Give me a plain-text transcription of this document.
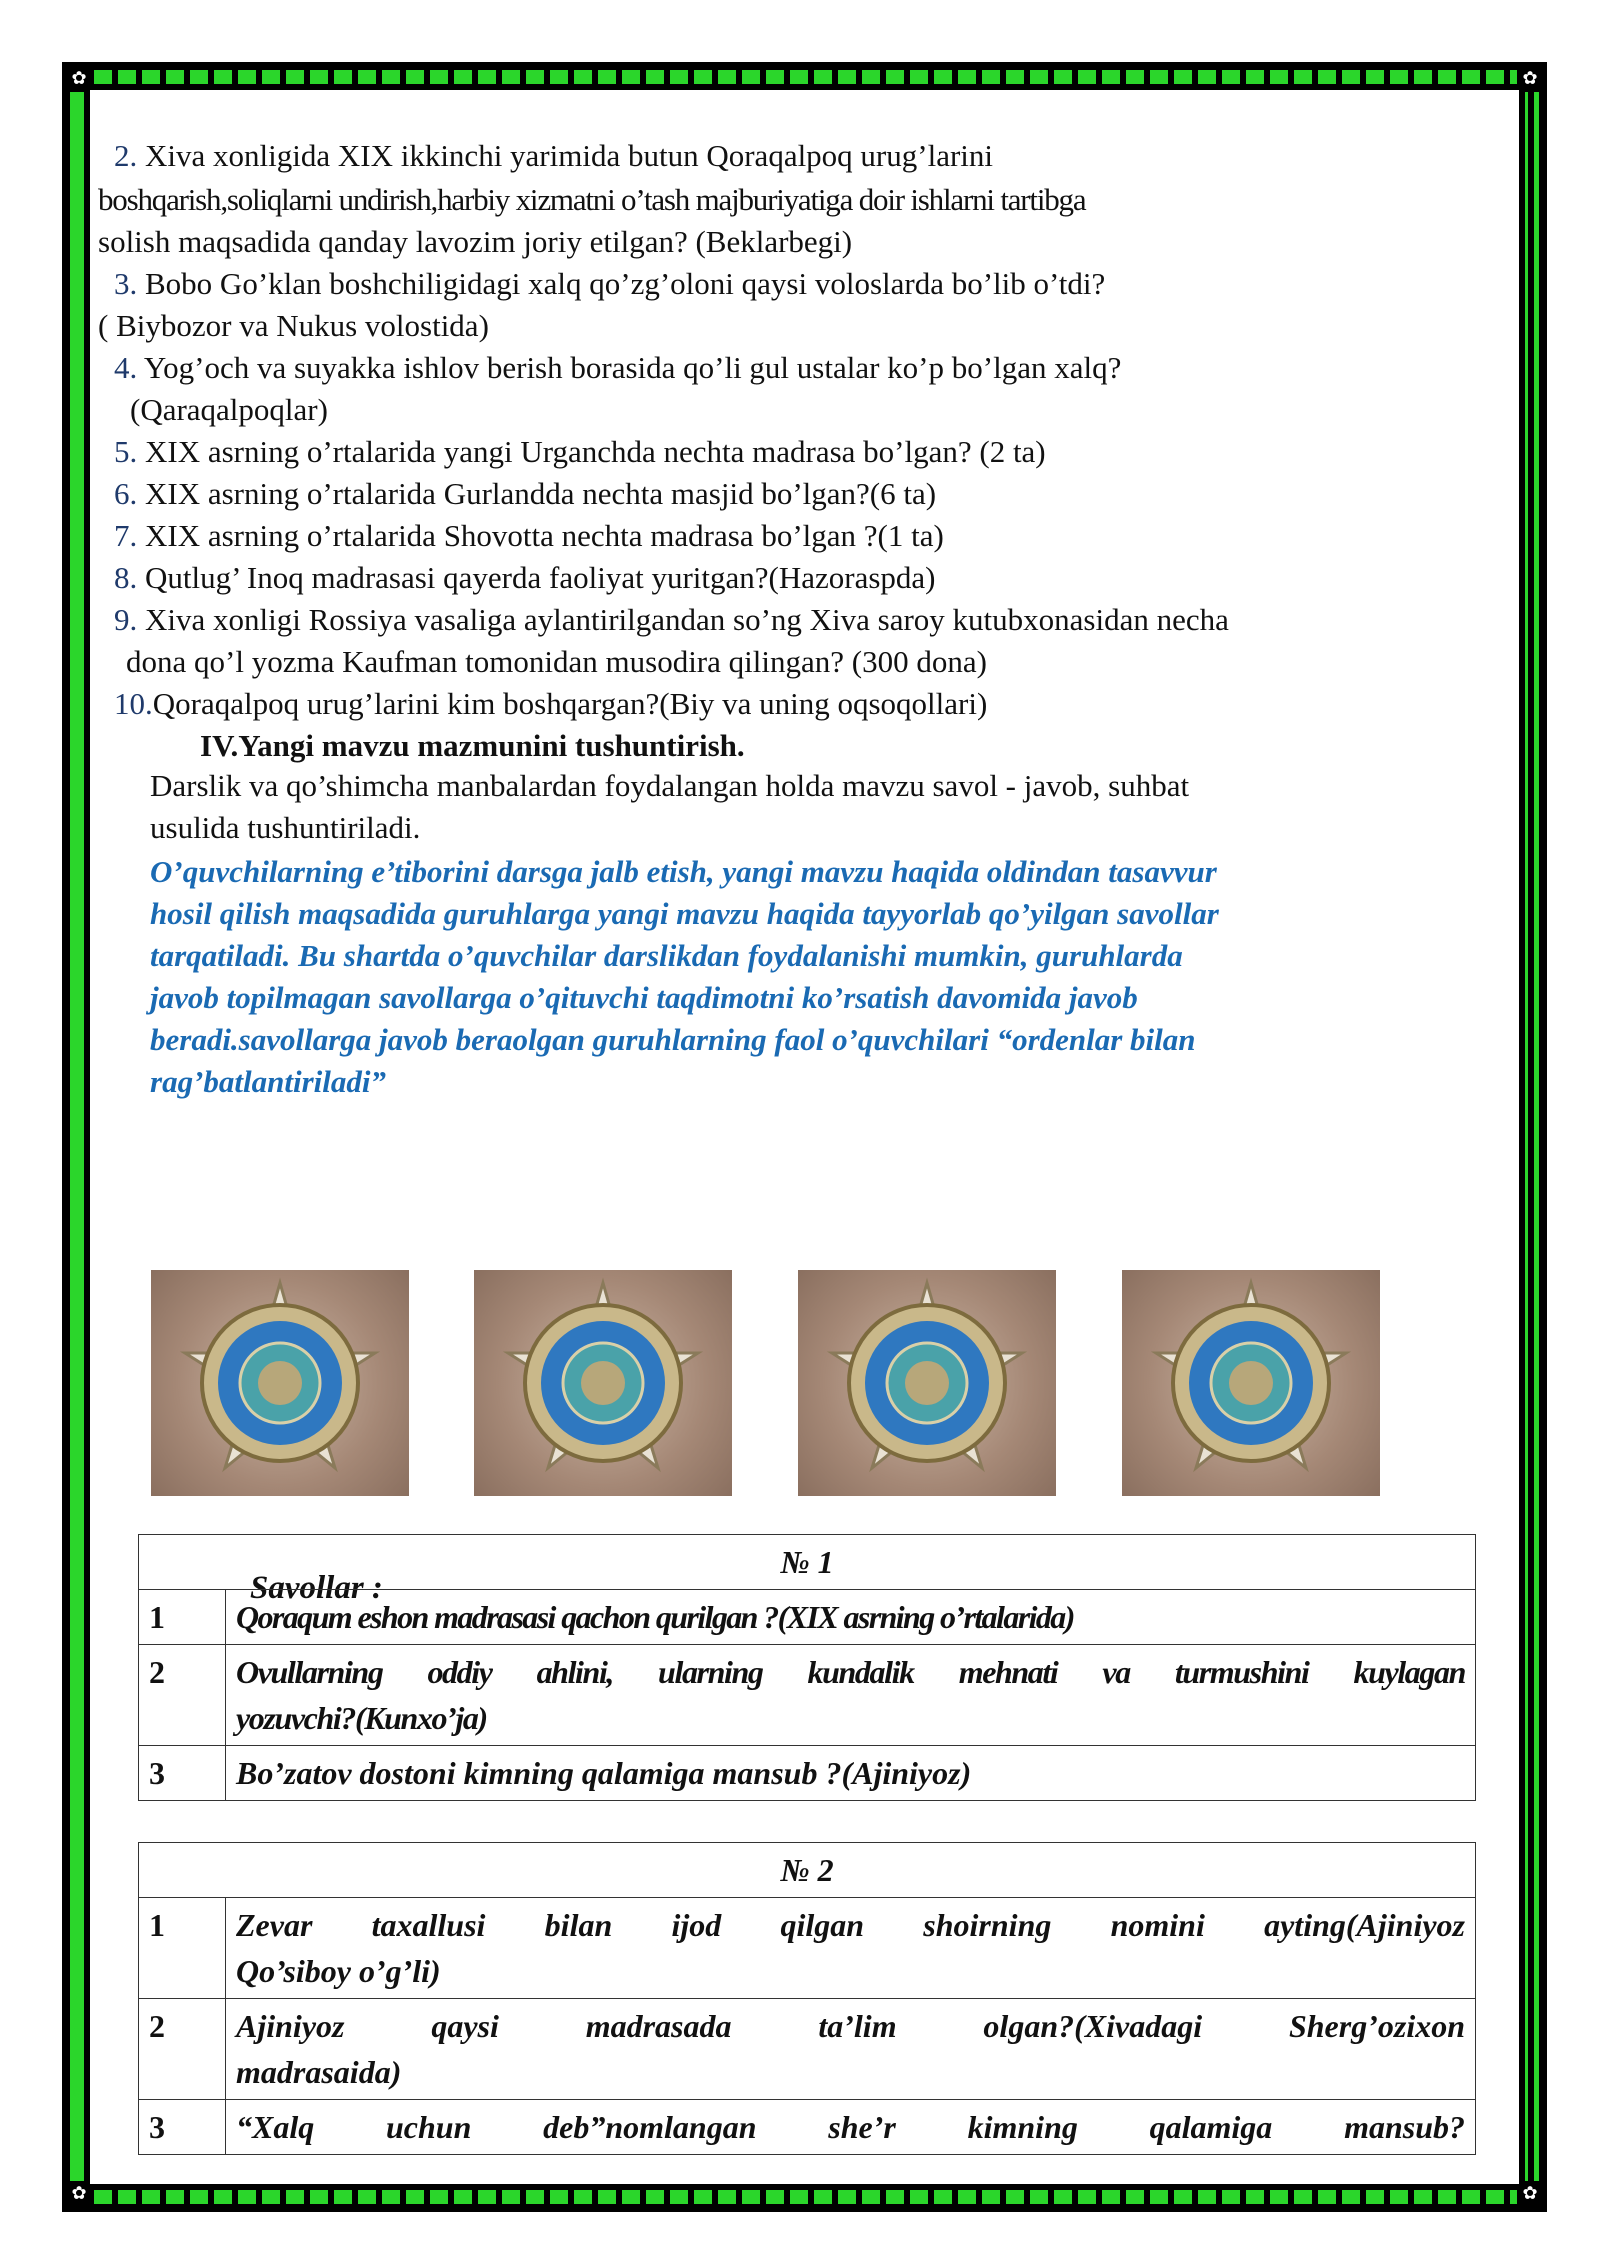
✿	✿
✿	✿
2. Xiva xonligida XIX ikkinchi yarimida butun Qoraqalpoq urug’larini
boshqarish,soliqlarni undirish,harbiy xizmatni o’tash majburiyatiga doir ishlarni tartibga
solish maqsadida qanday lavozim joriy etilgan? (Beklarbegi)
3. Bobo Go’klan boshchiligidagi xalq qo’zg’oloni qaysi voloslarda bo’lib o’tdi?
( Biybozor va Nukus volostida)
4. Yog’och va suyakka ishlov berish borasida qo’li gul ustalar ko’p bo’lgan xalq?
(Qaraqalpoqlar)
5. XIX asrning o’rtalarida yangi Urganchda nechta madrasa bo’lgan? (2 ta)
6. XIX asrning o’rtalarida Gurlandda nechta masjid bo’lgan?(6 ta)
7. XIX asrning o’rtalarida Shovotta nechta madrasa bo’lgan ?(1 ta)
8. Qutlug’ Inoq madrasasi qayerda faoliyat yuritgan?(Hazoraspda)
9. Xiva xonligi Rossiya vasaliga aylantirilgandan so’ng Xiva saroy kutubxonasidan necha
dona qo’l yozma Kaufman tomonidan musodira qilingan? (300 dona)
10.Qoraqalpoq urug’larini kim boshqargan?(Biy va uning oqsoqollari)
IV.Yangi mavzu mazmunini tushuntirish.
Darslik va qo’shimcha manbalardan foydalangan holda mavzu savol - javob, suhbat
usulida tushuntiriladi.
O’quvchilarning e’tiborini darsga jalb etish, yangi mavzu haqida oldindan tasavvur
hosil qilish maqsadida guruhlarga yangi mavzu haqida tayyorlab qo’yilgan savollar
tarqatiladi. Bu shartda o’quvchilar darslikdan foydalanishi mumkin, guruhlarda
javob topilmagan savollarga o’qituvchi taqdimotni ko’rsatish davomida javob
beradi.savollarga javob beraolgan guruhlarning faol o’quvchilari “ordenlar bilan
rag’batlantiriladi”
Savollar :
№ 1	
1	Qoraqum eshon madrasasi qachon qurilgan ?(XIX asrning o’rtalarida)
2	Ovullarning oddiy ahlini, ularning kundalik mehnati va turmushini kuylagan
yozuvchi?(Kunxo’ja)

3	Bo’zatov dostoni kimning qalamiga mansub ?(Ajiniyoz)
№ 2	
1	Zevar taxallusi bilan ijod qilgan shoirning nomini ayting(Ajiniyoz
Qo’siboy o’g’li)

2	Ajiniyoz qaysi madrasada ta’lim olgan?(Xivadagi Sherg’ozixon
madrasaida)

3	“Xalq uchun deb”nomlangan she’r kimning qalamiga mansub?
